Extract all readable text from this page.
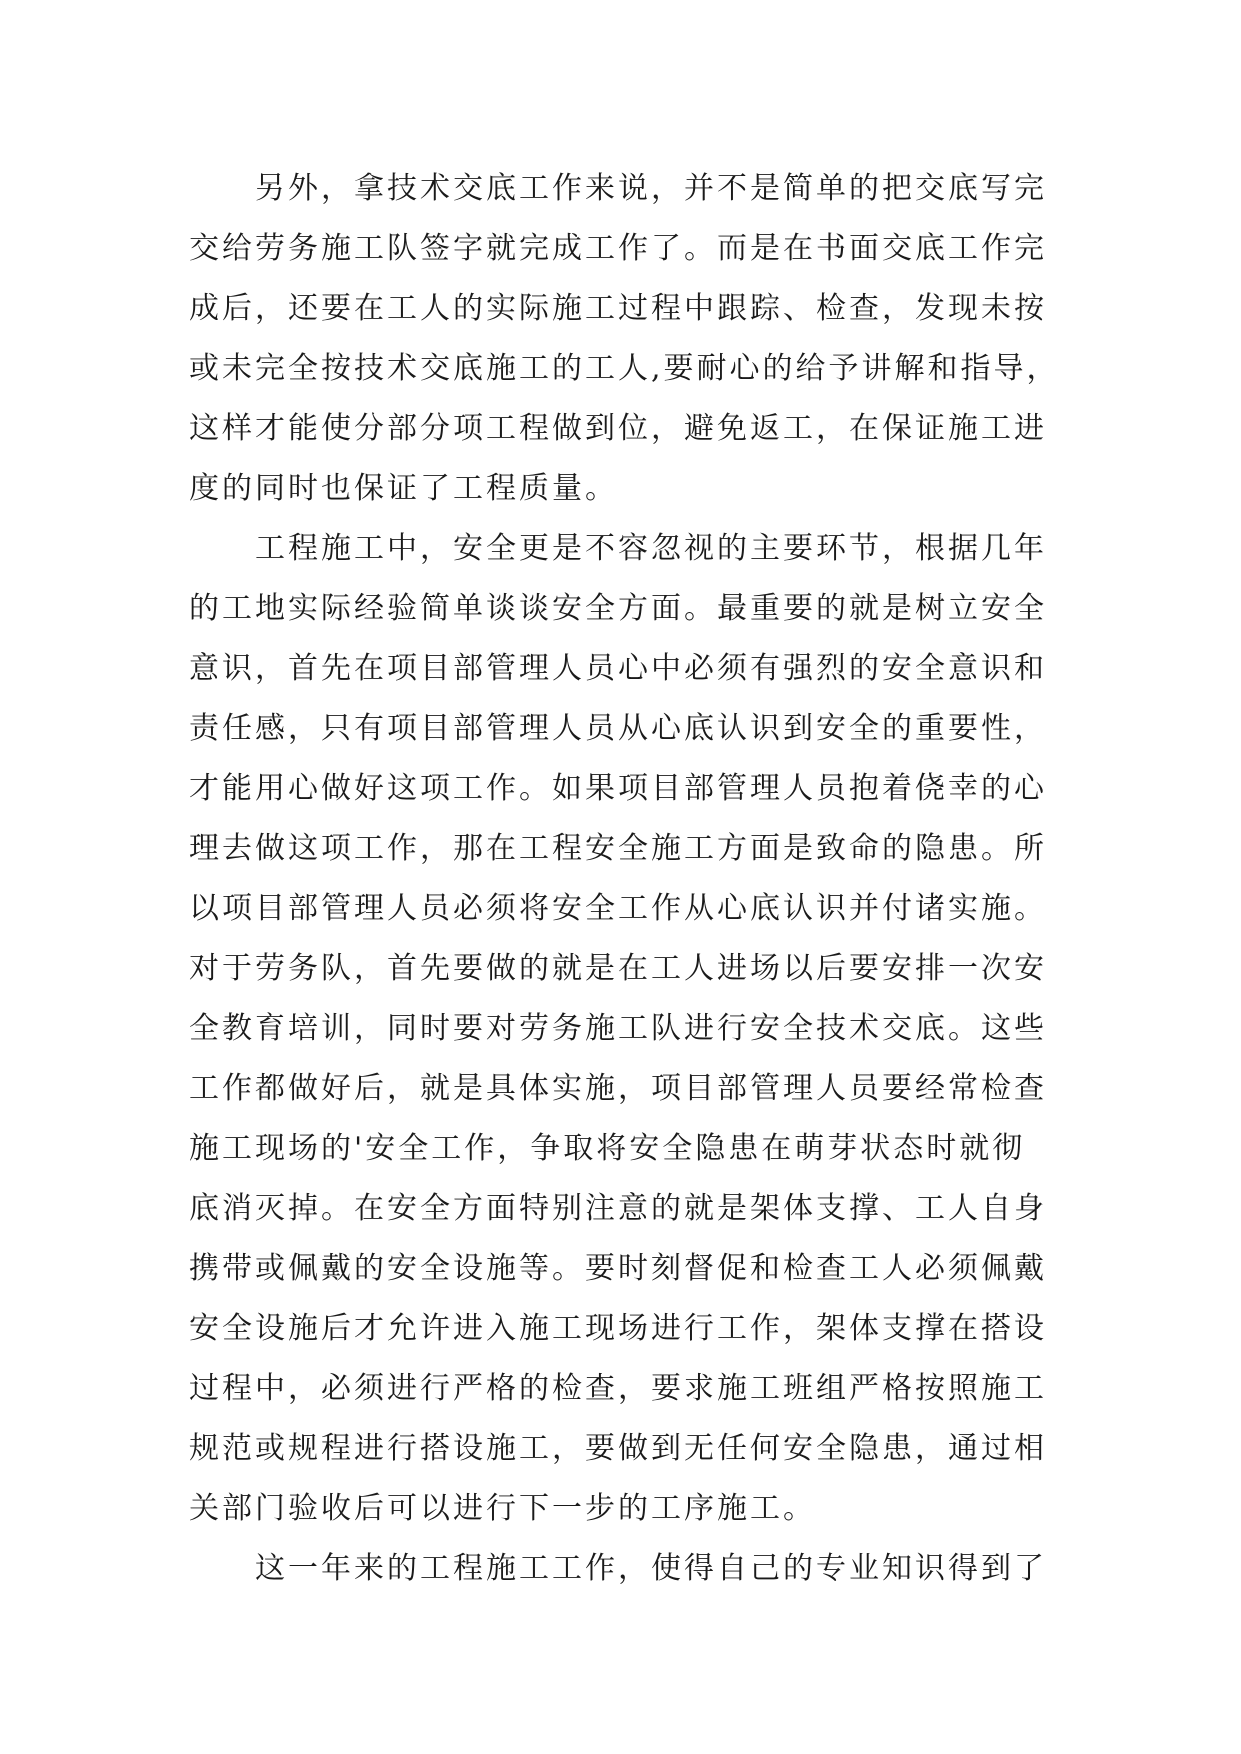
另外，拿技术交底工作来说，并不是简单的把交底写完
交给劳务施工队签字就完成工作了。而是在书面交底工作完
成后，还要在工人的实际施工过程中跟踪、检查，发现未按
或未完全按技术交底施工的工人,要耐心的给予讲解和指导，
这样才能使分部分项工程做到位，避免返工，在保证施工进
度的同时也保证了工程质量。
工程施工中，安全更是不容忽视的主要环节，根据几年
的工地实际经验简单谈谈安全方面。最重要的就是树立安全
意识，首先在项目部管理人员心中必须有强烈的安全意识和
责任感，只有项目部管理人员从心底认识到安全的重要性，
才能用心做好这项工作。如果项目部管理人员抱着侥幸的心
理去做这项工作，那在工程安全施工方面是致命的隐患。所
以项目部管理人员必须将安全工作从心底认识并付诸实施。
对于劳务队，首先要做的就是在工人进场以后要安排一次安
全教育培训，同时要对劳务施工队进行安全技术交底。这些
工作都做好后，就是具体实施，项目部管理人员要经常检查
施工现场的'安全工作，争取将安全隐患在萌芽状态时就彻
底消灭掉。在安全方面特别注意的就是架体支撑、工人自身
携带或佩戴的安全设施等。要时刻督促和检查工人必须佩戴
安全设施后才允许进入施工现场进行工作，架体支撑在搭设
过程中，必须进行严格的检查，要求施工班组严格按照施工
规范或规程进行搭设施工，要做到无任何安全隐患，通过相
关部门验收后可以进行下一步的工序施工。
这一年来的工程施工工作，使得自己的专业知识得到了
